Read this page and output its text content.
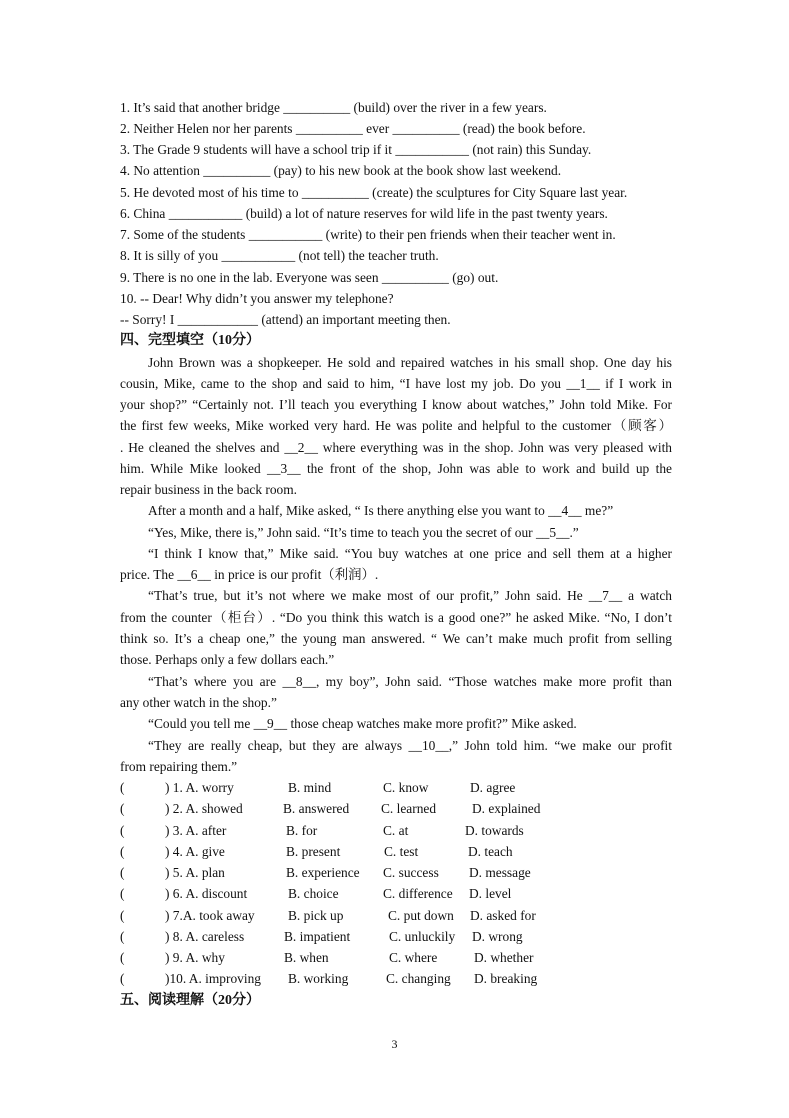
1. It’s said that another bridge __________ (build) over the river in a few years.
2. Neither Helen nor her parents __________ ever __________ (read) the book before.
3. The Grade 9 students will have a school trip if it ___________ (not rain) this Sunday.
4. No attention __________ (pay) to his new book at the book show last weekend.
5. He devoted most of his time to __________ (create) the sculptures for City Square last year.
6. China ___________ (build) a lot of nature reserves for wild life in the past twenty years.
7. Some of the students ___________ (write) to their pen friends when their teacher went in.
8. It is silly of you ___________ (not tell) the teacher truth.
9. There is no one in the lab. Everyone was seen __________ (go) out.
10. -- Dear! Why didn’t you answer my telephone?
-- Sorry! I ____________ (attend) an important meeting then.
四、完型填空（10分）
John Brown was a shopkeeper. He sold and repaired watches in his small shop. One day his
cousin, Mike, came to the shop and said to him, “I have lost my job. Do you __1__ if I work in
your shop?” “Certainly not. I’ll teach you everything I know about watches,” John told Mike. For
the first few weeks, Mike worked very hard. He was polite and helpful to the customer（顾客）
. He cleaned the shelves and __2__ where everything was in the shop. John was very pleased with
him. While Mike looked __3__ the front of the shop, John was able to work and build up the
repair business in the back room.
After a month and a half, Mike asked, “ Is there anything else you want to __4__ me?”
“Yes, Mike, there is,” John said. “It’s time to teach you the secret of our __5__.”
“I think I know that,” Mike said. “You buy watches at one price and sell them at a higher
price. The __6__ in price is our profit（利润）.
“That’s true, but it’s not where we make most of our profit,” John said. He __7__ a watch
from the counter（柜台）. “Do you think this watch is a good one?” he asked Mike. “No, I don’t
think so. It’s a cheap one,” the young man answered. “ We can’t make much profit from selling
those. Perhaps only a few dollars each.”
“That’s where you are __8__, my boy”, John said. “Those watches make more profit than
any other watch in the shop.”
“Could you tell me __9__ those cheap watches make more profit?” Mike asked.
“They are really cheap, but they are always __10__,” John told him. “we make our profit
from repairing them.”
(	) 1. A. worry	B. mind	C. know	D. agree
(	) 2. A. showed	B. answered C. learned	D. explained
(	) 3. A. after	B. for	C. at	D. towards
(	) 4. A. give	B. present	C. test	D. teach
(	) 5. A. plan	B. experience C. success D. message
(	) 6. A. discount	B. choice	C. difference D. level
(	) 7.A. took away B. pick up	C. put down D. asked for
(	) 8. A. careless	B. impatient	C. unluckily D. wrong
(	) 9. A. why	B. when	C. where	D. whether
(	)10. A. improving B. working	C. changing D. breaking
五、阅读理解（20分）
3
